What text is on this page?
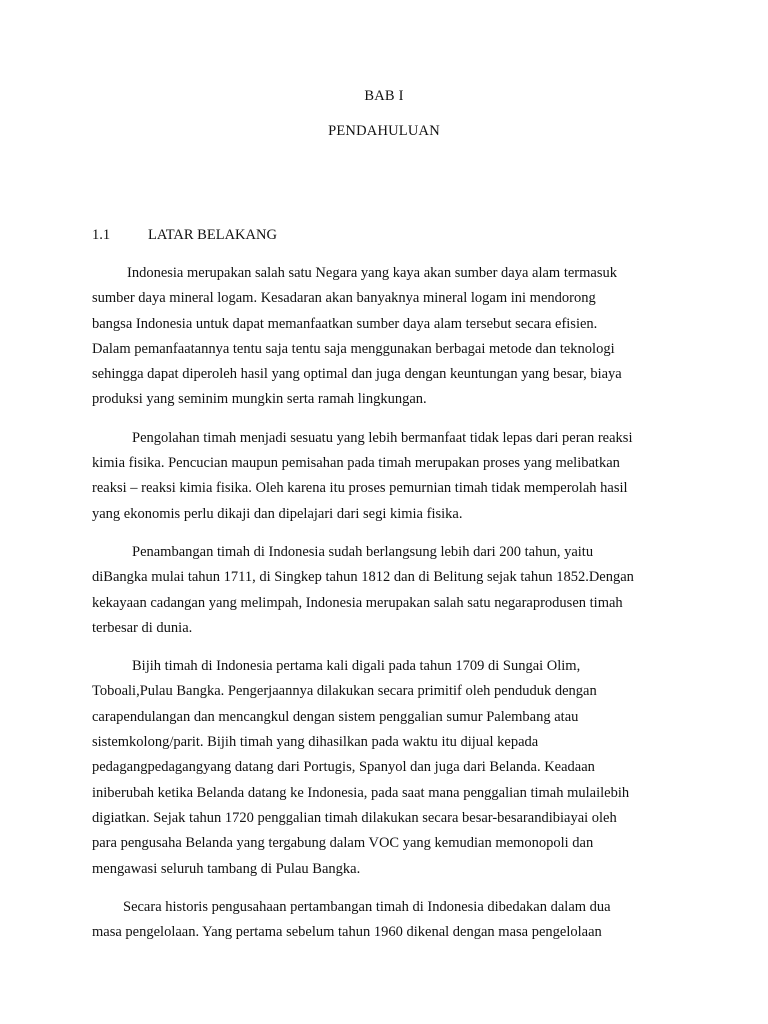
BAB I
PENDAHULUAN
1.1	LATAR BELAKANG
Indonesia merupakan salah satu Negara yang kaya akan sumber daya alam termasuk
sumber daya mineral logam. Kesadaran akan banyaknya mineral logam ini mendorong
bangsa Indonesia untuk dapat memanfaatkan sumber daya alam tersebut secara efisien.
Dalam pemanfaatannya tentu saja tentu saja menggunakan berbagai metode dan teknologi
sehingga dapat diperoleh hasil yang optimal dan juga dengan keuntungan yang besar, biaya
produksi yang seminim mungkin serta ramah lingkungan.
Pengolahan timah menjadi sesuatu yang lebih bermanfaat tidak lepas dari peran reaksi
kimia fisika. Pencucian maupun pemisahan pada timah merupakan proses yang melibatkan
reaksi – reaksi kimia fisika. Oleh karena itu proses pemurnian timah tidak memperolah hasil
yang ekonomis perlu dikaji dan dipelajari dari segi kimia fisika.
Penambangan timah di Indonesia sudah berlangsung lebih dari 200 tahun, yaitu
diBangka mulai tahun 1711, di Singkep tahun 1812 dan di Belitung sejak tahun 1852.Dengan
kekayaan cadangan yang melimpah, Indonesia merupakan salah satu negaraprodusen timah
terbesar di dunia.
Bijih timah di Indonesia pertama kali digali pada tahun 1709 di Sungai Olim,
Toboali,Pulau Bangka. Pengerjaannya dilakukan secara primitif oleh penduduk dengan
carapendulangan dan mencangkul dengan sistem penggalian sumur Palembang atau
sistemkolong/parit. Bijih timah yang dihasilkan pada waktu itu dijual kepada
pedagangpedagangyang datang dari Portugis, Spanyol dan juga dari Belanda. Keadaan
iniberubah ketika Belanda datang ke Indonesia, pada saat mana penggalian timah mulailebih
digiatkan. Sejak tahun 1720 penggalian timah dilakukan secara besar-besarandibiayai oleh
para pengusaha Belanda yang tergabung dalam VOC yang kemudian memonopoli dan
mengawasi seluruh tambang di Pulau Bangka.
Secara historis pengusahaan pertambangan timah di Indonesia dibedakan dalam dua
masa pengelolaan. Yang pertama sebelum tahun 1960 dikenal dengan masa pengelolaan
